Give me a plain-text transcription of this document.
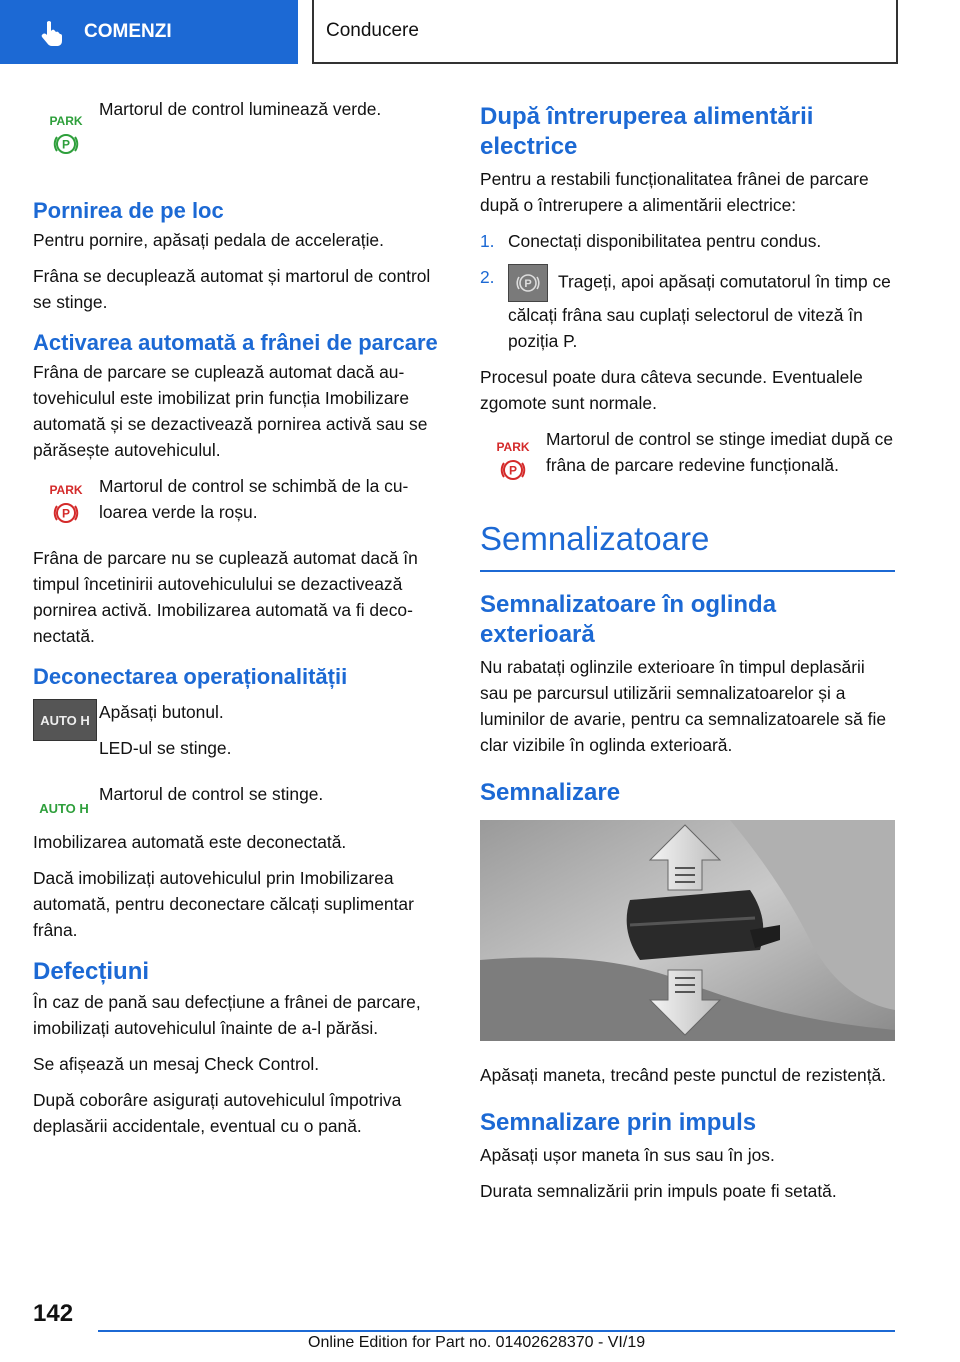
COMENZI	Conducere
PARK
P

Martorul de control luminează verde.

Pornirea de pe loc

Pentru pornire, apăsați pedala de accelerație.

Frâna se decuplează automat și martorul de control se stinge.

Activarea automată a frânei de parcare

Frâna de parcare se cuplează automat dacă autovehiculul este imobilizat prin funcția Imobilizare automată și se dezactivează pornirea activă sau se părăsește autovehiculul.

PARK
P

Martorul de control se schimbă de la culoarea verde la roșu.

Frâna de parcare nu se cuplează automat dacă în timpul încetinirii autovehiculului se dezactivează pornirea activă. Imobilizarea automată va fi deconectată.

Deconectarea operaționalității
AUTO H Apăsați butonul.

LED-ul se stinge.

AUTO H

Martorul de control se stinge.

Imobilizarea automată este deconectată.

Dacă imobilizați autovehiculul prin Imobilizarea automată, pentru deconectare călcați suplimentar frâna.

Defecțiuni

În caz de pană sau defecțiune a frânei de parcare, imobilizați autovehiculul înainte de a-l părăsi.

Se afișează un mesaj Check Control.

După coborâre asigurați autovehiculul împotriva deplasării accidentale, eventual cu o pană.

După întreruperea alimentării electrice

Pentru a restabili funcționalitatea frânei de parcare după o întrerupere a alimentării electrice:

1. Conectați disponibilitatea pentru condus.
2.	P Trageți, apoi apăsați comutatorul în timp ce călcați frâna sau cuplați selectorul de viteză în poziția P.

Procesul poate dura câteva secunde. Eventualele zgomote sunt normale.

PARK
P

Martorul de control se stinge imediat după ce frâna de parcare redevine funcțională.

Semnalizatoare
Semnalizatoare în oglinda exterioară

Nu rabatați oglinzile exterioare în timpul deplasării sau pe parcursul utilizării semnalizatoarelor și a luminilor de avarie, pentru ca semnalizatoarele să fie clar vizibile în oglinda exterioară.

Semnalizare

Apăsați maneta, trecând peste punctul de rezistență.

Semnalizare prin impuls

Apăsați ușor maneta în sus sau în jos.

Durata semnalizării prin impuls poate fi setată.

142
Online Edition for Part no. 01402628370 - VI/19
